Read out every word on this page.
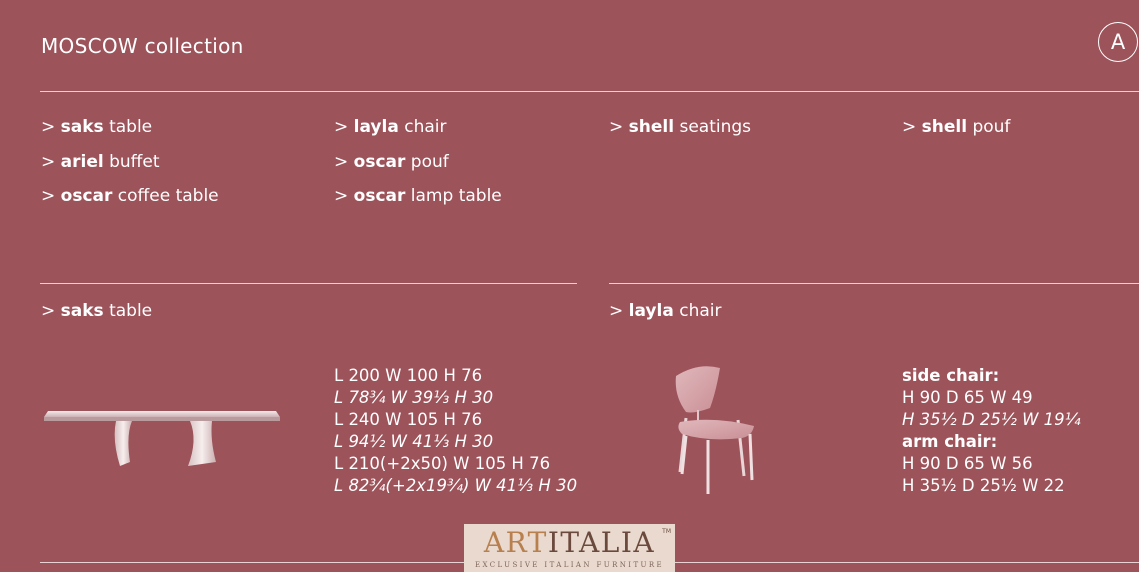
MOSCOW collection	A
> saks table
> ariel buffet
> oscar coffee table
> layla chair
> oscar pouf
> oscar lamp table
> shell seatings	> shell pouf
> saks table
L 200 W 100 H 76
L 78¾ W 39⅓ H 30
L 240 W 105 H 76
L 94½ W 41⅓ H 30
L 210(+2x50) W 105 H 76
L 82¾(+2x19¾) W 41⅓ H 30
> layla chair
side chair:
H 90 D 65 W 49
H 35½ D 25½ W 19¼
arm chair:
H 90 D 65 W 56
H 35½ D 25½ W 22
ARTITALIA TM
EXCLUSIVE ITALIAN FURNITURE
